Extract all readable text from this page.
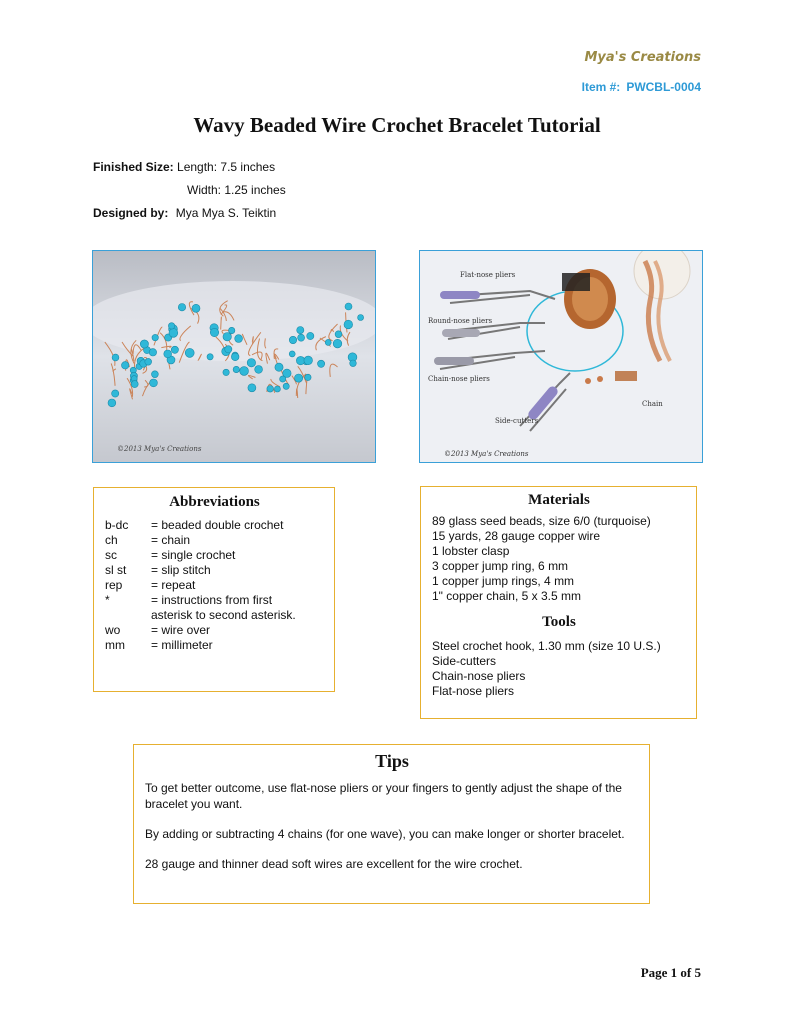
Mya's Creations
Item #: PWCBL-0004
Wavy Beaded Wire Crochet Bracelet Tutorial
Finished Size: Length: 7.5 inches
Width: 1.25 inches
Designed by: Mya Mya S. Teiktin
©2013 Mya's Creations
Flat-nose pliers
Round-nose pliers
Chain-nose pliers
Side-cutters
Chain
©2013 Mya's Creations
Abbreviations
b-dc	= beaded double crochet
ch	= chain
sc	= single crochet
sl st	= slip stitch
rep	= repeat
*	= instructions from first
asterisk to second asterisk.
wo	= wire over
mm	= millimeter
Materials
89 glass seed beads, size 6/0 (turquoise)
15 yards, 28 gauge copper wire
1 lobster clasp
3 copper jump ring, 6 mm
1 copper jump rings, 4 mm
1" copper chain, 5 x 3.5 mm
Tools
Steel crochet hook, 1.30 mm (size 10 U.S.)
Side-cutters
Chain-nose pliers
Flat-nose pliers
Tips

To get better outcome, use flat-nose pliers or your fingers to gently adjust the shape of the bracelet you want.

By adding or subtracting 4 chains (for one wave), you can make longer or shorter bracelet.

28 gauge and thinner dead soft wires are excellent for the wire crochet.

Page 1 of 5
